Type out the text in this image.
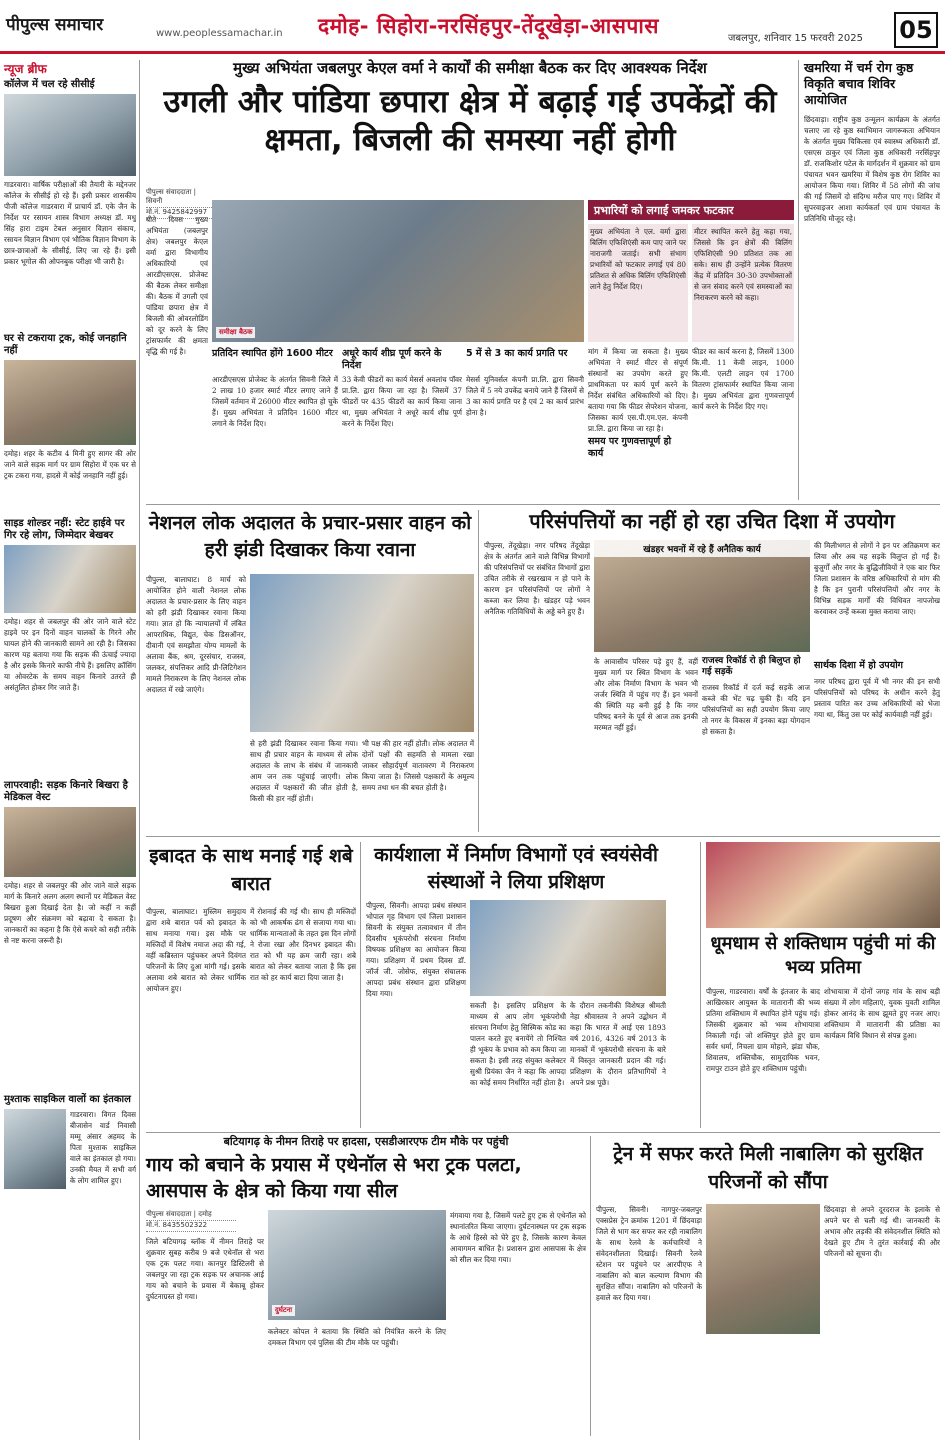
पीपुल्स समाचार	www.peoplessamachar.in दमोह- सिहोरा-नरसिंहपुर-तेंदूखेड़ा-आसपास
जबलपुर, शनिवार 15 फरवरी 2025 05
न्यूज ब्रीफ
कॉलेज में चल रहे सीसीई
गाडरवारा। वार्षिक परीक्षाओं की तैयारी के मद्देनजर कॉलेज के सीसीई हो रहे हैं। इसी प्रकार शासकीय पीजी कॉलेज गाडरवारा में प्राचार्य डॉ. एके जैन के निर्देश पर रसायन शास्त्र विभाग अध्यक्ष डॉ. मधु सिंह हारा टाइम टेबल अनुसार विज्ञान संकाय, रसायन विज्ञान विभाग एवं भौतिक विज्ञान विभाग के छात्र-छात्राओं के सीसीई, लिए जा रहे हैं। इसी प्रकार भूगोल की ओपनबुक परीक्षा भी जारी है।
घर से टकराया ट्रक, कोई जनहानि नहीं
दमोह। शहर के कटीव 4 मिनी हुए सागर की ओर जाने वाले सड़क मार्ग पर ग्राम सिहोरा में एक घर से ट्रक टकरा गया, हादसे में कोई जनहानि नहीं हुई।
साइड शोल्डर नहीं: स्टेट हाईवे पर गिर रहे लोग, जिम्मेदार बेखबर
दमोह। शहर से जबलपुर की ओर जाने वाले स्टेट हाइवे पर इन दिनों वाहन चालकों के गिरने और घायल होने की जानकारी सामने आ रही है। जिसका कारण यह बताया गया कि सड़क की ऊंचाई ज्यादा है और इसके किनारे काफी नीचे हैं। इसलिए क्रॉसिंग या ओवरटेक के समय वाहन किनारे उतरते ही असंतुलित होकर गिर जाते हैं।
लापरवाही: सड़क किनारे बिखरा है मेडिकल वेस्ट
दमोह। शहर से जबलपुर की ओर जाने वाले सड़क मार्ग के किनारे अलग अलग स्थानों पर मेडिकल वेस्ट बिखरा हुआ दिखाई देता है। जो कहीं न कहीं प्रदूषण और संक्रमण को बढ़ावा दे सकता है। जानकारों का कहना है कि ऐसे कचरे को सही तरीके से नष्ट करना जरूरी है।
मुश्ताक साइकिल वालों का इंतकाल
गाडरवारा। विगत दिवस बीजासेन वार्ड निवासी मम्मू अंसार अहमद के पिता मुश्ताक साइकिल वाले का इंतकाल हो गया। उनकी मैयत में सभी वर्ग के लोग शामिल हुए।
मुख्य अभियंता जबलपुर केएल वर्मा ने कार्यों की समीक्षा बैठक कर दिए आवश्यक निर्देश
उगली और पांडिया छपारा क्षेत्र में बढ़ाई गई उपकेंद्रों की क्षमता, बिजली की समस्या नहीं होगी
पीपुल्स संवाददाता | सिवनी
मो.नं. 9425842997
बीते दिवस मुख्य अभियंता (जबलपुर क्षेत्र) जबलपुर केएल वर्मा द्वारा विभागीय अधिकारियों एवं आरडीएसएस. प्रोजेक्ट की बैठक लेकर समीक्षा की। बैठक में उगली एवं पांडिया छपारा क्षेत्र में बिजली की ओवरलोडिंग को दूर करने के लिए ट्रांसफार्मर की क्षमता वृद्धि की गई है।
समीक्षा बैठक
प्रतिदिन स्थापित होंगे 1600 मीटर
आरडीएसएस प्रोजेक्ट के अंतर्गत सिवनी जिले में 2 लाख 10 हजार स्मार्ट मीटर लगाए जाने हैं जिसमें वर्तमान में 26000 मीटर स्थापित हो चुके हैं। मुख्य अभियंता ने प्रतिदिन 1600 मीटर लगाने के निर्देश दिए।
अधूरे कार्य शीघ्र पूर्ण करने के निर्देश
33 केवी फीडरों का कार्य मेसर्स अवलांच पॉवर प्रा.लि. द्वारा किया जा रहा है। जिसमें 37 फीडरों पर 435 फीडरों का कार्य किया जाना था, मुख्य अभियंता ने अधूरे कार्य शीघ्र पूर्ण करने के निर्देश दिए।
5 में से 3 का कार्य प्रगति पर
मेसर्स यूनिवर्सल कंपनी प्रा.लि. द्वारा सिवनी जिले में 5 नये उपकेंद्र बनाये जाने हैं जिसमें से 3 का कार्य प्रगति पर है एवं 2 का कार्य प्रारंभ होना है।
प्रभारियों को लगाई जमकर फटकार
मुख्य अभियंता ने एल. वर्मा द्वारा बिलिंग एफिशिएंसी कम पाए जाने पर नाराजगी जताई। सभी संभाग प्रभारियों को फटकार लगाई एवं 80 प्रतिशत से अधिक बिलिंग एफिशिएंसी लाने हेतु निर्देश दिए।
मीटर स्थापित करने हेतु कहा गया, जिससे कि इन क्षेत्रों की बिलिंग एफिशिएंसी 90 प्रतिशत तक आ सके। साथ ही उन्होंने प्रत्येक वितरण केंद्र में प्रतिदिन 30-30 उपभोक्ताओं से जन संवाद करने एवं समस्याओं का निराकरण करने को कहा।
मांग में किया जा सकता है। मुख्य अभियंता ने स्मार्ट मीटर से संपूर्ण संस्थानों का उपयोग करते हुए प्राथमिकता पर कार्य पूर्ण करने के निर्देश संबंधित अधिकारियों को दिए। बताया गया कि फीडर सेपरेशन योजना, जिसका कार्य एस.पी.एम.एल. कंपनी प्रा.लि. द्वारा किया जा रहा है।
समय पर गुणवत्तापूर्ण हो कार्य
फीडर का कार्य करना है, जिसमें 1300 कि.मी. 11 केवी लाइन, 1000 कि.मी. एलटी लाइन एवं 1700 वितरण ट्रांसफार्मर स्थापित किया जाना है। मुख्य अभियंता द्वारा गुणवत्तापूर्ण कार्य करने के निर्देश दिए गए।
खमरिया में चर्म रोग कुष्ठ विकृति बचाव शिविर आयोजित
छिंदवाड़ा। राष्ट्रीय कुष्ठ उन्मूलन कार्यक्रम के अंतर्गत चलाए जा रहे कुष्ठ स्वाभिमान जागरूकता अभियान के अंतर्गत मुख्य चिकित्सा एवं स्वास्थ्य अधिकारी डॉ. एसएस ठाकुर एवं जिला कुष्ठ अधिकारी नरसिंहपुर डॉ. राजकिशोर पटेल के मार्गदर्शन में शुक्रवार को ग्राम पंचायत भवन खमरिया में विशेष कुष्ठ रोग शिविर का आयोजन किया गया। शिविर में 58 लोगों की जांच की गई जिसमें दो संदिग्ध मरीज पाए गए। शिविर में सुपरवाइजर आशा कार्यकर्ता एवं ग्राम पंचायत के प्रतिनिधि मौजूद रहे।
नेशनल लोक अदालत के प्रचार-प्रसार वाहन को हरी झंडी दिखाकर किया रवाना
पीपुल्स, बालाघाट। 8 मार्च को आयोजित होने वाली नेशनल लोक अदालत के प्रचार-प्रसार के लिए वाहन को हरी झंडी दिखाकर रवाना किया गया। ज्ञात हो कि न्यायालयों में लंबित आपराधिक, विद्युत, चेक डिसऑनर, दीवानी एवं समझौता योग्य मामलों के अलावा बैंक, श्रम, दूरसंचार, राजस्व, जलकर, संपत्तिकर आदि प्री-लिटिगेशन मामले निराकरण के लिए नेशनल लोक अदालत में रखे जाएंगे।
से हरी झंडी दिखाकर रवाना किया गया। साथ ही प्रचार वाहन के माध्यम से लोक अदालत के लाभ के संबंध में जानकारी आम जन तक पहुंचाई जाएगी। लोक अदालत में पक्षकारों की जीत होती है, किसी की हार नहीं होती।
भी पक्ष की हार नहीं होती। लोक अदालत में दोनों पक्षों की सहमति से मामला रखा जाकर सौहार्दपूर्ण वातावरण में निराकरण किया जाता है। जिससे पक्षकारों के अमूल्य समय तथा धन की बचत होती है।
परिसंपत्तियों का नहीं हो रहा उचित दिशा में उपयोग
पीपुल्स, तेंदूखेड़ा। नगर परिषद तेंदूखेड़ा क्षेत्र के अंतर्गत आने वाले विभिन्न विभागों की परिसंपत्तियों पर संबंधित विभागों द्वारा उचित तरीके से रखरखाव न हो पाने के कारण इन परिसंपत्तियों पर लोगों ने कब्जा कर लिया है। खंडहर पड़े भवन अनैतिक गतिविधियों के अड्डे बने हुए हैं।
खंडहर भवनों में रहे हैं अनैतिक कार्य
के आवासीय परिसर पड़े हुए हैं, वहीं मुख्य मार्ग पर स्थित विभाग के भवन और लोक निर्माण विभाग के भवन भी जर्जर स्थिति में पहुंच गए हैं। इन भवनों की स्थिति यह बनी हुई है कि नगर परिषद बनने के पूर्व से आज तक इनकी मरम्मत नहीं हुई।
राजस्व रिकॉर्ड रो ही बिलुप्त हो गई सड़कें
राजस्व रिकॉर्ड में दर्ज कई सड़कें आज कब्जे की भेंट चढ़ चुकी हैं। यदि इन परिसंपत्तियों का सही उपयोग किया जाए तो नगर के विकास में इनका बड़ा योगदान हो सकता है।
की मिलीभगत से लोगों ने इन पर अतिक्रमण कर लिया और अब यह सड़कें विलुप्त हो गईं हैं। बुजुर्गों और नगर के बुद्धिजीवियों ने एक बार फिर जिला प्रशासन के वरिष्ठ अधिकारियों से मांग की है कि इन पुरानी परिसंपत्तियों और नगर के विभिन्न सड़क मार्गों की विधिवत नापजोख करवाकर उन्हें कब्जा मुक्त कराया जाए।
सार्थक दिशा में हो उपयोग
नगर परिषद द्वारा पूर्व में भी नगर की इन सभी परिसंपत्तियों को परिषद के अधीन करने हेतु प्रस्ताव पारित कर उच्च अधिकारियों को भेजा गया था, किंतु उस पर कोई कार्यवाही नहीं हुई।
इबादत के साथ मनाई गई शबे बारात
पीपुल्स, बालाघाट। मुस्लिम समुदाय द्वारा शबे बारात पर्व को इबादत के साथ मनाया गया। इस मौके पर मस्जिदों में विशेष नमाज अदा की गई, वहीं कब्रिस्तान पहुंचकर अपने दिवंगत परिजनों के लिए दुआ मांगी गई। इसके अलावा शबे बारात को लेकर धार्मिक आयोजन हुए।
में रोशनाई की गई थी। साथ ही मस्जिदों को भी आकर्षक ढंग से सजाया गया था। धार्मिक मान्यताओं के तहत इस दिन लोगों ने रोजा रखा और दिनभर इबादत की। रात को भी यह क्रम जारी रहा। शबे बारात को लेकर बताया जाता है कि इस रात को हर कार्य बाटा दिया जाता है।
कार्यशाला में निर्माण विभागों एवं स्वयंसेवी संस्थाओं ने लिया प्रशिक्षण
पीपुल्स, सिवनी। आपदा प्रबंध संस्थान भोपाल गृह विभाग एवं जिला प्रशासन सिवनी के संयुक्त तत्वावधान में तीन दिवसीय भूकंपरोधी संरचना निर्माण विषयक प्रशिक्षण का आयोजन किया गया। प्रशिक्षण में प्रथम दिवस डॉ. जॉर्ज जी. जोसेफ, संयुक्त संचालक आपदा प्रबंध संस्थान द्वारा प्रशिक्षण दिया गया।
सकती है। इसलिए प्रशिक्षण के माध्यम से आप लोग भूकंपरोधी संरचना निर्माण हेतु सिस्मिक कोड का पालन करते हुए बनायेंगे तो निश्चित ही भूकंप के प्रभाव को कम किया जा सकता है। इसी तरह संयुक्त कलेक्टर सुश्री प्रियंका जैन ने कहा कि आपदा का कोई समय निर्धारित नहीं होता है।
के दौरान तकनीकी विशेषज्ञ श्रीमती नेहा श्रीवास्तव ने अपने उद्बोधन में कहा कि भारत में आई एस 1893 वर्ष 2016, 4326 वर्ष 2013 के मानकों में भूकंपरोधी संरचना के बारे में विस्तृत जानकारी प्रदान की गई। प्रशिक्षण के दौरान प्रतिभागियों ने अपने प्रश्न पूछे।
धूमधाम से शक्तिधाम पहुंची मां की भव्य प्रतिमा
पीपुल्स, गाडरवारा। वर्षों के इंतजार के बाद आखिरकार आयुक्त के मातारानी की भव्य प्रतिमा शक्तिधाम में स्थापित होने पहुंच गई। जिसकी शुक्रवार को भव्य शोभायात्रा निकाली गई। जो शक्तिपुर होते हुए ग्राम सर्वर धर्मा, निचला ग्राम मोहाने, झंडा चौक, शिवालय, शक्तिचौक, सामुदायिक भवन, रामपुर टाउन होते हुए शक्तिधाम पहुंची।
शोभायात्रा में दोनों जगह गांव के साथ बड़ी संख्या में लोग महिलाएं, युवक युवती शामिल होकर आनंद के साथ झूमते हुए नजर आए। शक्तिधाम में मातारानी की प्रतिष्ठा का कार्यक्रम विधि विधान से संपन्न हुआ।
बटियागढ़ के नीमन तिराहे पर हादसा, एसडीआरएफ टीम मौके पर पहुंची
गाय को बचाने के प्रयास में एथेनॉल से भरा ट्रक पलटा, आसपास के क्षेत्र को किया गया सील
पीपुल्स संवाददाता | दमोह
मो.नं. 8435502322
जिले बटियागढ़ ब्लॉक में नीमन तिराहे पर शुक्रवार सुबह करीब 9 बजे एथेनॉल से भरा एक ट्रक पलट गया। कानपुर डिस्टिलरी से जबलपुर जा रहा ट्रक सड़क पर अचानक आई गाय को बचाने के प्रयास में बेकाबू होकर दुर्घटनाग्रस्त हो गया।
दुर्घटना
कलेक्टर कोपल ने बताया कि स्थिति को नियंत्रित करने के लिए दमकल विभाग एवं पुलिस की टीम मौके पर पहुंची।
मंगवाया गया है, जिसमें पलटे हुए ट्रक से एथेनॉल को स्थानांतरित किया जाएगा। दुर्घटनास्थल पर ट्रक सड़क के आधे हिस्से को घेरे हुए है, जिसके कारण केवल आवागमन बाधित है। प्रशासन द्वारा आसपास के क्षेत्र को सील कर दिया गया।
ट्रेन में सफर करते मिली नाबालिग को सुरक्षित परिजनों को सौंपा
पीपुल्स, सिवनी। नागपुर-जबलपुर एक्सप्रेस ट्रेन क्रमांक 1201 में छिंदवाड़ा जिले से भाग कर सफर कर रही नाबालिग के साथ रेलवे के कर्मचारियों ने संवेदनशीलता दिखाई। सिवनी रेलवे स्टेशन पर पहुंचने पर आरपीएफ ने नाबालिग को बाल कल्याण विभाग की सुरक्षित सौंपा। नाबालिग को परिजनों के हवाले कर दिया गया।
छिंदवाड़ा से अपने दूरदराज के इलाके से अपने घर से चली गई थी। जानकारी के अभाव और लड़की की संवेदनशील स्थिति को देखते हुए टीम ने तुरंत कार्रवाई की और परिजनों को सूचना दी।
